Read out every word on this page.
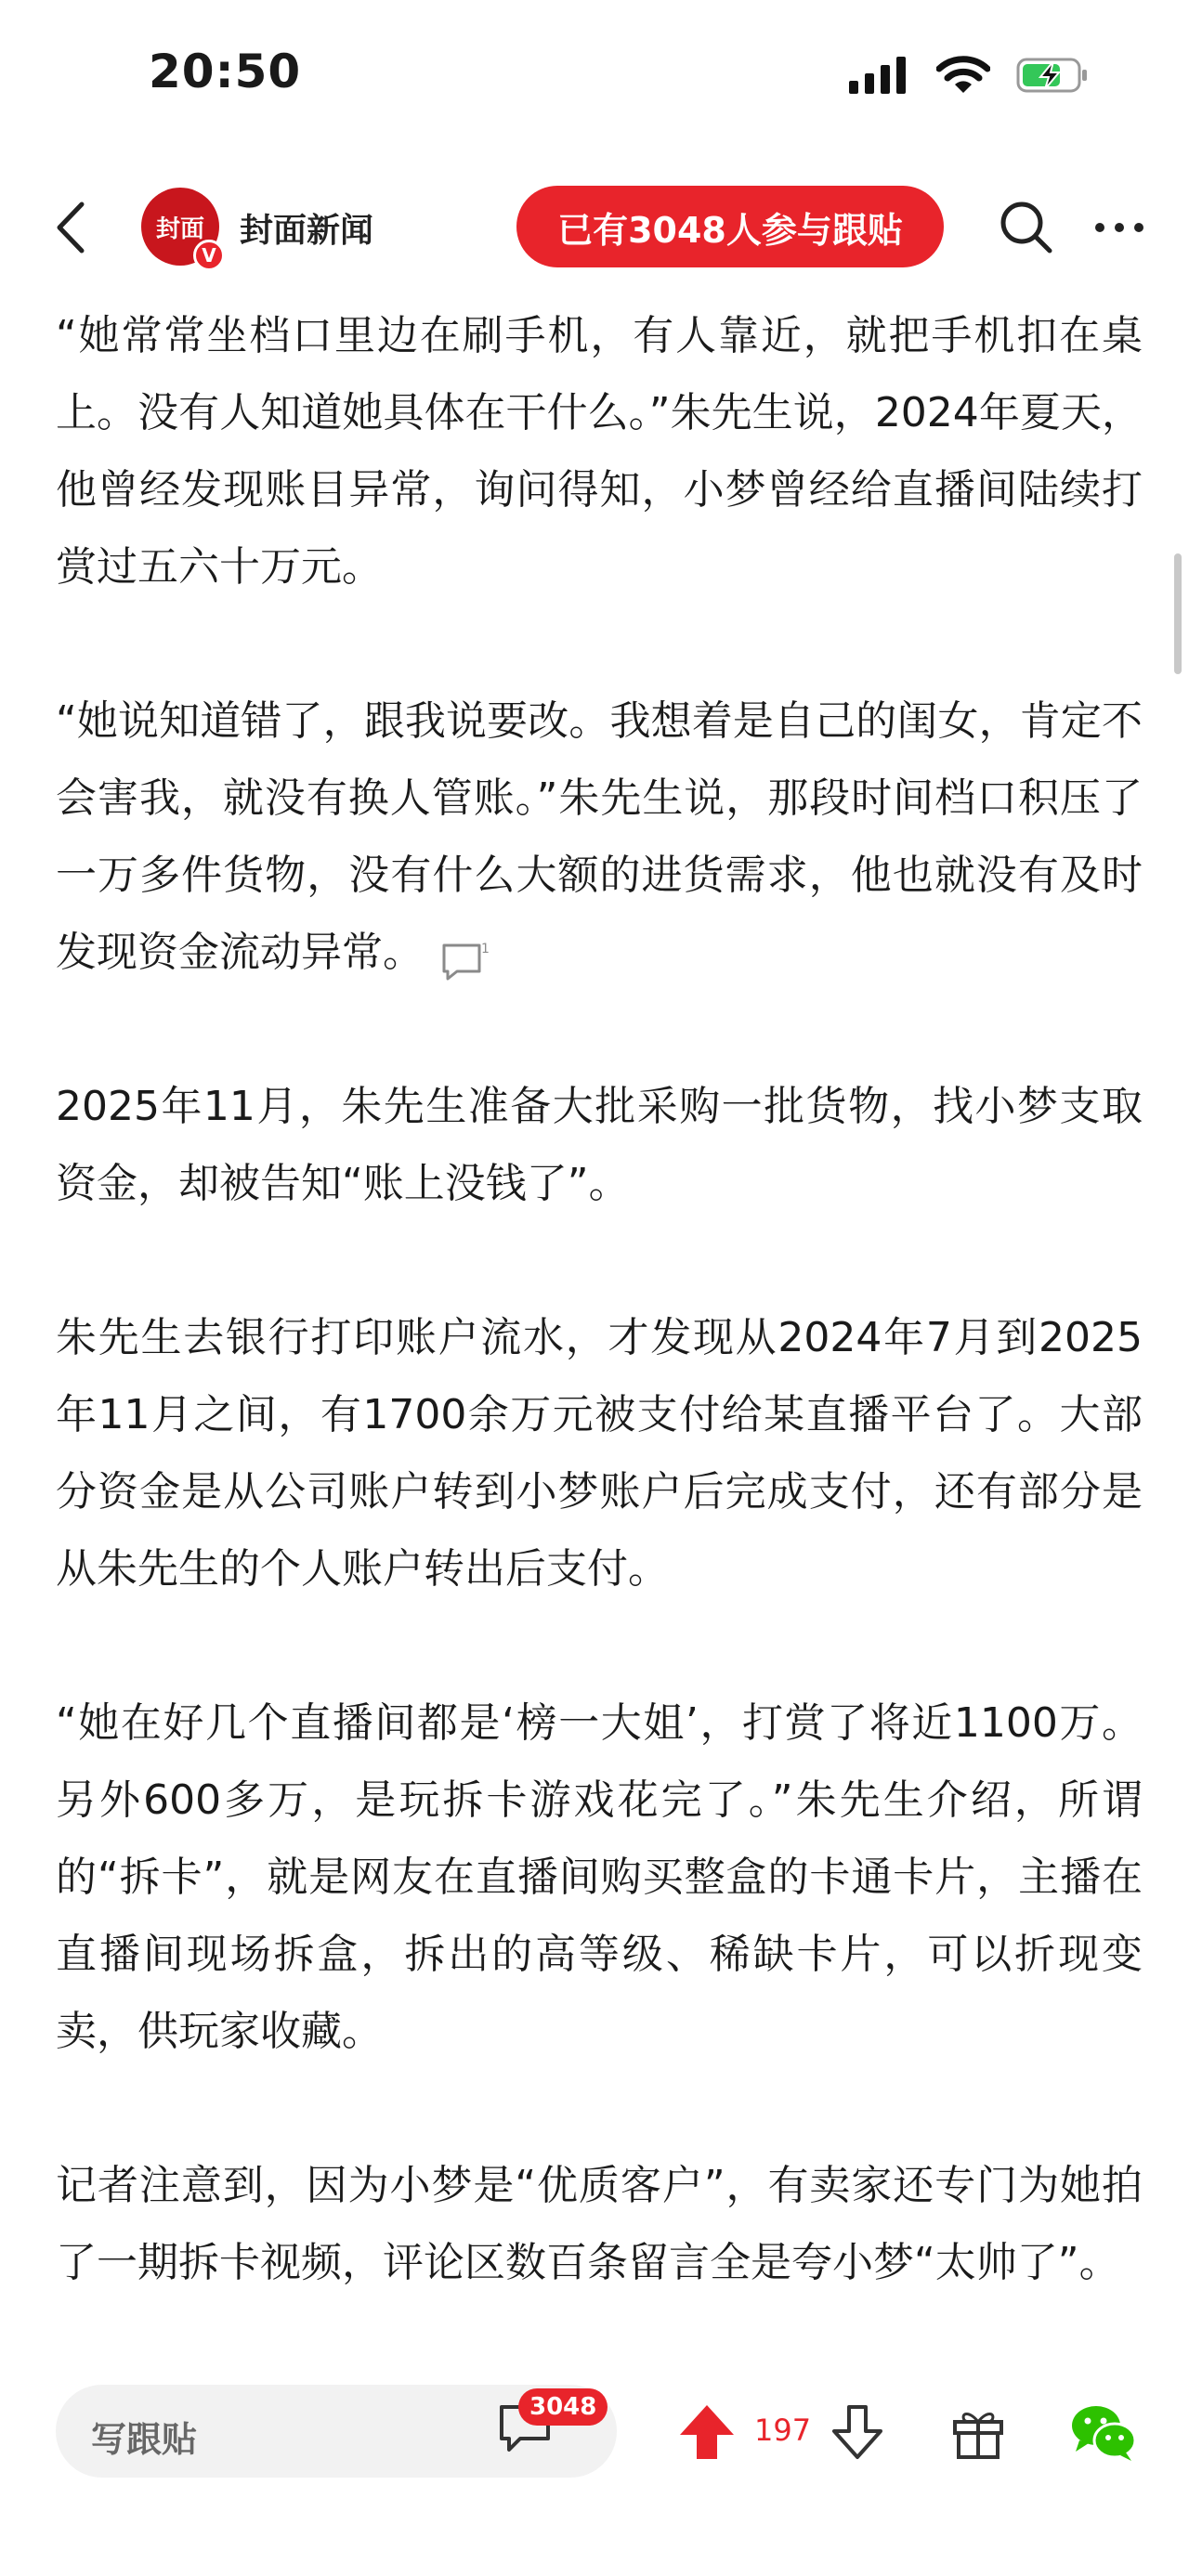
20:50
封面
V
封面新闻	已有3048人参与跟贴

“她常常坐档口里边在刷手机，有人靠近，就把手机扣在桌上。没有人知道她具体在干什么。”朱先生说，2024年夏天，他曾经发现账目异常，询问得知，小梦曾经给直播间陆续打赏过五六十万元。

“她说知道错了，跟我说要改。我想着是自己的闺女，肯定不会害我，就没有换人管账。”朱先生说，那段时间档口积压了一万多件货物，没有什么大额的进货需求，他也就没有及时发现资金流动异常。	1

2025年11月，朱先生准备大批采购一批货物，找小梦支取资金，却被告知“账上没钱了”。

朱先生去银行打印账户流水，才发现从2024年7月到2025年11月之间，有1700余万元被支付给某直播平台了。大部分资金是从公司账户转到小梦账户后完成支付，还有部分是从朱先生的个人账户转出后支付。

“她在好几个直播间都是‘榜一大姐’，打赏了将近1100万。另外600多万，是玩拆卡游戏花完了。”朱先生介绍，所谓的“拆卡”，就是网友在直播间购买整盒的卡通卡片，主播在直播间现场拆盒，拆出的高等级、稀缺卡片，可以折现变卖，供玩家收藏。

记者注意到，因为小梦是“优质客户”，有卖家还专门为她拍了一期拆卡视频，评论区数百条留言全是夸小梦“太帅了”。

写跟贴
3048
197
